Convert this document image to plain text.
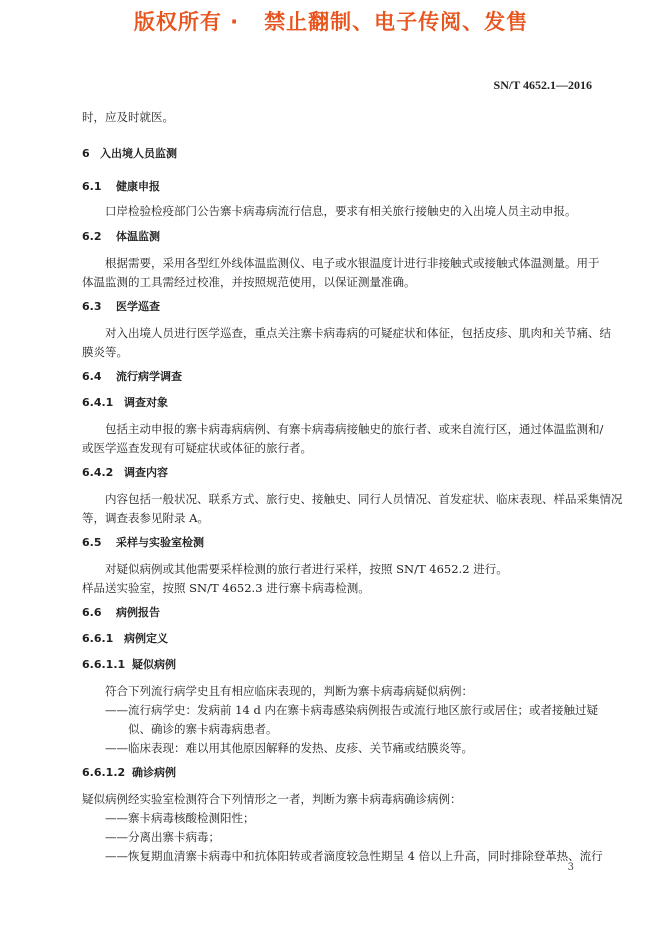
版权所有 ·   禁止翻制、电子传阅、发售
SN/T 4652.1—2016
时，应及时就医。
6 入出境人员监测
6.1 健康申报
口岸检验检疫部门公告寨卡病毒病流行信息，要求有相关旅行接触史的入出境人员主动申报。
6.2 体温监测
根据需要，采用各型红外线体温监测仪、电子或水银温度计进行非接触式或接触式体温测量。用于
体温监测的工具需经过校准，并按照规范使用，以保证测量准确。
6.3 医学巡查
对入出境人员进行医学巡查，重点关注寨卡病毒病的可疑症状和体征，包括皮疹、肌肉和关节痛、结
膜炎等。
6.4 流行病学调查
6.4.1 调查对象
包括主动申报的寨卡病毒病病例、有寨卡病毒病接触史的旅行者、或来自流行区，通过体温监测和/
或医学巡查发现有可疑症状或体征的旅行者。
6.4.2 调查内容
内容包括一般状况、联系方式、旅行史、接触史、同行人员情况、首发症状、临床表现、样品采集情况
等，调查表参见附录 A。
6.5 采样与实验室检测
对疑似病例或其他需要采样检测的旅行者进行采样，按照 SN/T 4652.2 进行。
样品送实验室，按照 SN/T 4652.3 进行寨卡病毒检测。
6.6 病例报告
6.6.1 病例定义
6.6.1.1 疑似病例
符合下列流行病学史且有相应临床表现的，判断为寨卡病毒病疑似病例：
——流行病学史：发病前 14 d 内在寨卡病毒感染病例报告或流行地区旅行或居住；或者接触过疑
似、确诊的寨卡病毒病患者。
——临床表现：难以用其他原因解释的发热、皮疹、关节痛或结膜炎等。
6.6.1.2 确诊病例
疑似病例经实验室检测符合下列情形之一者，判断为寨卡病毒病确诊病例：
——寨卡病毒核酸检测阳性；
——分离出寨卡病毒；
——恢复期血清寨卡病毒中和抗体阳转或者滴度较急性期呈 4 倍以上升高，同时排除登革热、流行
3
